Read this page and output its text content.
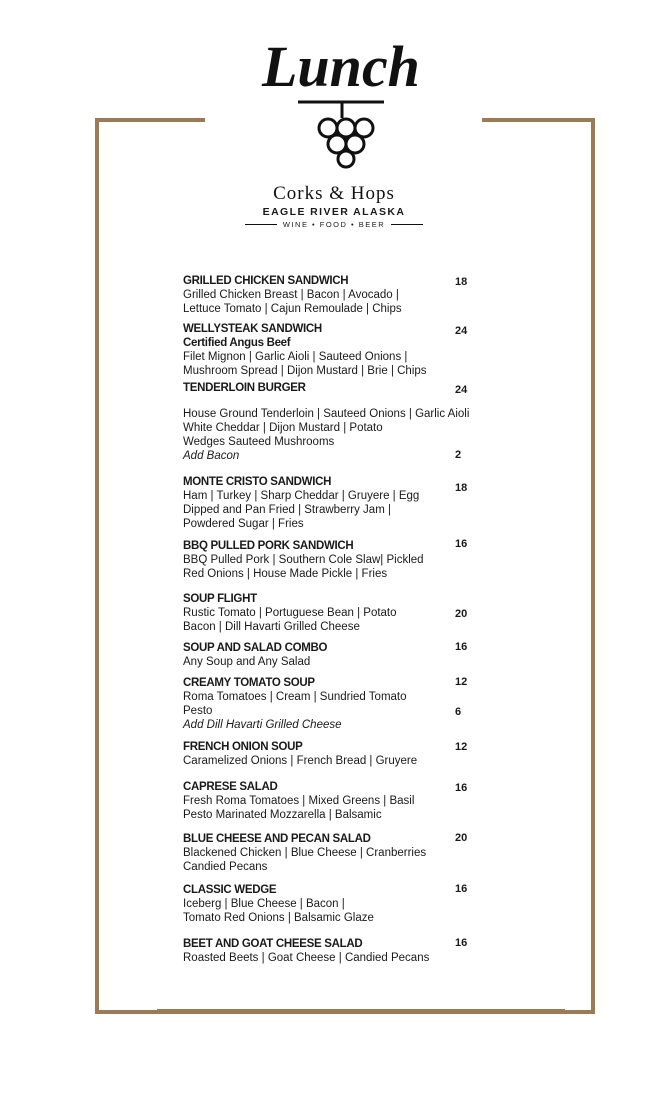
Lunch
Corks & Hops
EAGLE RIVER ALASKA
WINE • FOOD • BEER
GRILLED CHICKEN SANDWICH
Grilled Chicken Breast | Bacon | Avocado |
Lettuce Tomato | Cajun Remoulade | Chips
18
WELLYSTEAK SANDWICH
Certified Angus Beef
Filet Mignon | Garlic Aioli | Sauteed Onions |
Mushroom Spread | Dijon Mustard | Brie | Chips
24
TENDERLOIN BURGER
House Ground Tenderloin | Sauteed Onions | Garlic Aioli
White Cheddar | Dijon Mustard | Potato
Wedges Sauteed Mushrooms
Add Bacon
24
2
MONTE CRISTO SANDWICH
Ham | Turkey | Sharp Cheddar | Gruyere | Egg
Dipped and Pan Fried | Strawberry Jam |
Powdered Sugar | Fries
18
BBQ PULLED PORK SANDWICH
BBQ Pulled Pork | Southern Cole Slaw| Pickled
Red Onions | House Made Pickle | Fries
16
SOUP FLIGHT
Rustic Tomato | Portuguese Bean | Potato
Bacon | Dill Havarti Grilled Cheese
20
SOUP AND SALAD COMBO
Any Soup and Any Salad
16
CREAMY TOMATO SOUP
Roma Tomatoes | Cream | Sundried Tomato
Pesto
Add Dill Havarti Grilled Cheese
12
6
FRENCH ONION SOUP
Caramelized Onions | French Bread | Gruyere
12
CAPRESE SALAD
Fresh Roma Tomatoes | Mixed Greens | Basil
Pesto Marinated Mozzarella | Balsamic
16
BLUE CHEESE AND PECAN SALAD
Blackened Chicken | Blue Cheese | Cranberries
Candied Pecans
20
CLASSIC WEDGE
Iceberg | Blue Cheese | Bacon |
Tomato Red Onions | Balsamic Glaze
16
BEET AND GOAT CHEESE SALAD
Roasted Beets | Goat Cheese | Candied Pecans
16
